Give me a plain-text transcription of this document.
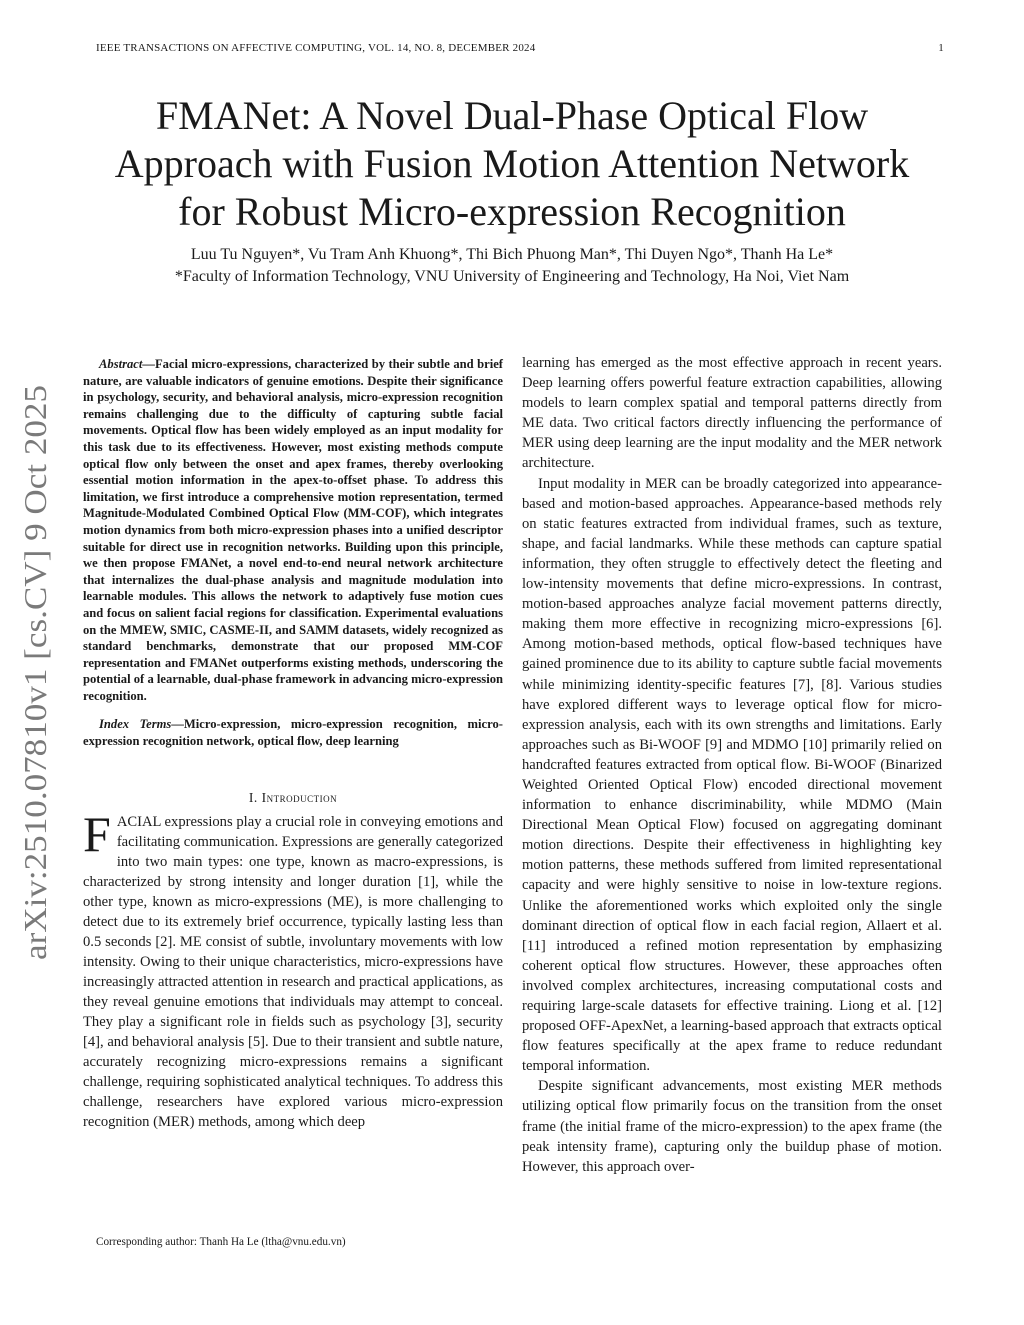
IEEE TRANSACTIONS ON AFFECTIVE COMPUTING, VOL. 14, NO. 8, DECEMBER 2024	1
FMANet: A Novel Dual-Phase Optical Flow
Approach with Fusion Motion Attention Network
for Robust Micro-expression Recognition
Luu Tu Nguyen*, Vu Tram Anh Khuong*, Thi Bich Phuong Man*, Thi Duyen Ngo*, Thanh Ha Le*
*Faculty of Information Technology, VNU University of Engineering and Technology, Ha Noi, Viet Nam
arXiv:2510.07810v1 [cs.CV] 9 Oct 2025

Abstract—Facial micro-expressions, characterized by their subtle and brief nature, are valuable indicators of genuine emotions. Despite their significance in psychology, security, and behavioral analysis, micro-expression recognition remains challenging due to the difficulty of capturing subtle facial movements. Optical flow has been widely employed as an input modality for this task due to its effectiveness. However, most existing methods compute optical flow only between the onset and apex frames, thereby overlooking essential motion information in the apex-to-offset phase. To address this limitation, we first introduce a comprehensive motion representation, termed Magnitude-Modulated Combined Optical Flow (MM-COF), which integrates motion dynamics from both micro-expression phases into a unified descriptor suitable for direct use in recognition networks. Building upon this principle, we then propose FMANet, a novel end-to-end neural network architecture that internalizes the dual-phase analysis and magnitude modulation into learnable modules. This allows the network to adaptively fuse motion cues and focus on salient facial regions for classification. Experimental evaluations on the MMEW, SMIC, CASME-II, and SAMM datasets, widely recognized as standard benchmarks, demonstrate that our proposed MM-COF representation and FMANet outperforms existing methods, underscoring the potential of a learnable, dual-phase framework in advancing micro-expression recognition.

Index Terms—Micro-expression, micro-expression recognition, micro-expression recognition network, optical flow, deep learning

I. Introduction

FACIAL expressions play a crucial role in conveying emotions and facilitating communication. Expressions are generally categorized into two main types: one type, known as macro-expressions, is characterized by strong intensity and longer duration [1], while the other type, known as micro-expressions (ME), is more challenging to detect due to its extremely brief occurrence, typically lasting less than 0.5 seconds [2]. ME consist of subtle, involuntary movements with low intensity. Owing to their unique characteristics, micro-expressions have increasingly attracted attention in research and practical applications, as they reveal genuine emotions that individuals may attempt to conceal. They play a significant role in fields such as psychology [3], security [4], and behavioral analysis [5]. Due to their transient and subtle nature, accurately recognizing micro-expressions remains a significant challenge, requiring sophisticated analytical techniques. To address this challenge, researchers have explored various micro-expression recognition (MER) methods, among which deep

learning has emerged as the most effective approach in recent years. Deep learning offers powerful feature extraction capabilities, allowing models to learn complex spatial and temporal patterns directly from ME data. Two critical factors directly influencing the performance of MER using deep learning are the input modality and the MER network architecture.

Input modality in MER can be broadly categorized into appearance-based and motion-based approaches. Appearance-based methods rely on static features extracted from individual frames, such as texture, shape, and facial landmarks. While these methods can capture spatial information, they often struggle to effectively detect the fleeting and low-intensity movements that define micro-expressions. In contrast, motion-based approaches analyze facial movement patterns directly, making them more effective in recognizing micro-expressions [6]. Among motion-based methods, optical flow-based techniques have gained prominence due to its ability to capture subtle facial movements while minimizing identity-specific features [7], [8]. Various studies have explored different ways to leverage optical flow for micro-expression analysis, each with its own strengths and limitations. Early approaches such as Bi-WOOF [9] and MDMO [10] primarily relied on handcrafted features extracted from optical flow. Bi-WOOF (Binarized Weighted Oriented Optical Flow) encoded directional movement information to enhance discriminability, while MDMO (Main Directional Mean Optical Flow) focused on aggregating dominant motion directions. Despite their effectiveness in highlighting key motion patterns, these methods suffered from limited representational capacity and were highly sensitive to noise in low-texture regions. Unlike the aforementioned works which exploited only the single dominant direction of optical flow in each facial region, Allaert et al. [11] introduced a refined motion representation by emphasizing coherent optical flow structures. However, these approaches often involved complex architectures, increasing computational costs and requiring large-scale datasets for effective training. Liong et al. [12] proposed OFF-ApexNet, a learning-based approach that extracts optical flow features specifically at the apex frame to reduce redundant temporal information.

Despite significant advancements, most existing MER methods utilizing optical flow primarily focus on the transition from the onset frame (the initial frame of the micro-expression) to the apex frame (the peak intensity frame), capturing only the buildup phase of motion. However, this approach over-

Corresponding author: Thanh Ha Le (ltha@vnu.edu.vn)
